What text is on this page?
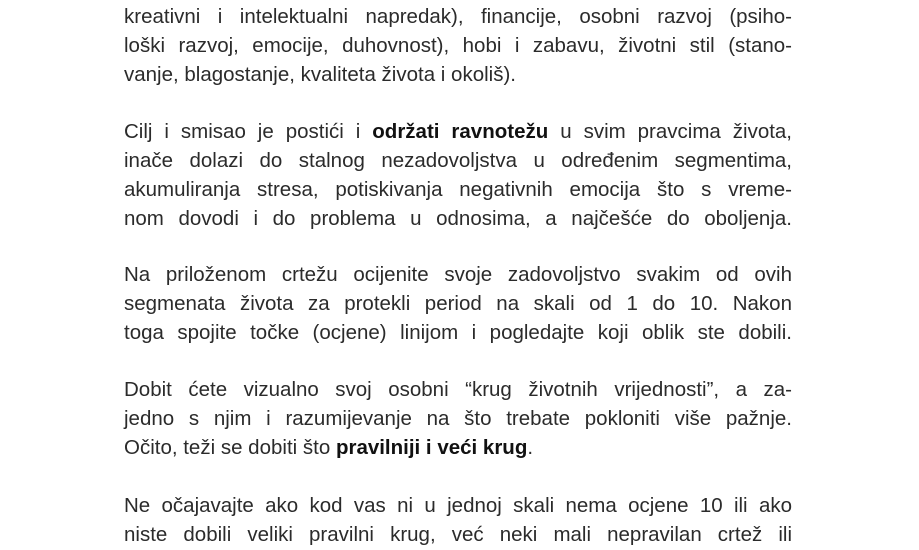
kreativni i intelektualni napredak), financije, osobni razvoj (psiho-
loški razvoj, emocije, duhovnost), hobi i zabavu, životni stil (stano-
vanje, blagostanje, kvaliteta života i okoliš).
Cilj i smisao je postići i održati ravnotežu u svim pravcima života,
inače dolazi do stalnog nezadovoljstva u određenim segmentima,
akumuliranja stresa, potiskivanja negativnih emocija što s vreme-
nom dovodi i do problema u odnosima, a najčešće do oboljenja.
Na priloženom crtežu ocijenite svoje zadovoljstvo svakim od ovih
segmenata života za protekli period na skali od 1 do 10. Nakon
toga spojite točke (ocjene) linijom i pogledajte koji oblik ste dobili.
Dobit ćete vizualno svoj osobni “krug životnih vrijednosti”, a za-
jedno s njim i razumijevanje na što trebate pokloniti više pažnje.
Očito, teži se dobiti što pravilniji i veći krug.
Ne očajavajte ako kod vas ni u jednoj skali nema ocjene 10 ili ako
niste dobili veliki pravilni krug, već neki mali nepravilan crtež ili
